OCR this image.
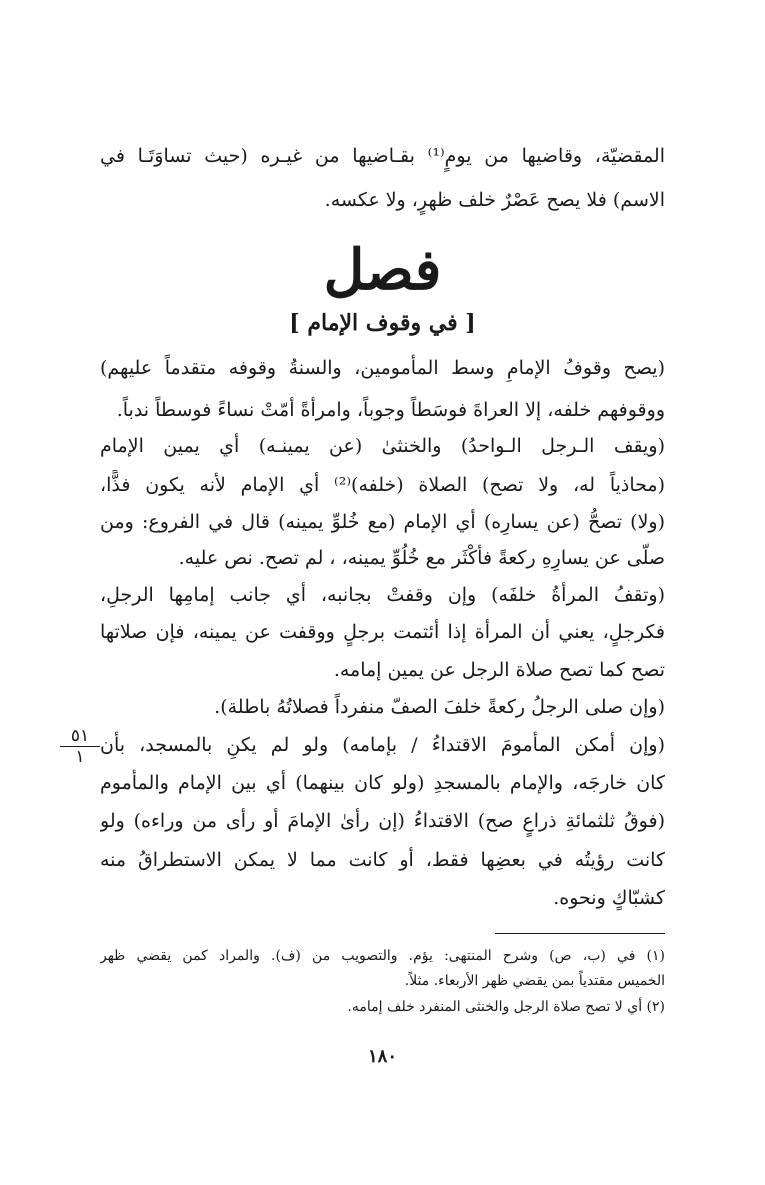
المقضيّة، وقاضيها من يومٍ⁽¹⁾ بقـاضيها من غيـره (حيث تساوَتَـا في
الاسم) فلا يصح عَصْرٌ خلف ظهرٍ، ولا عكسه.
فصل
[ في وقوف الإمام ]
(يصح وقوفُ الإمامِ وسط المأمومين، والسنةُ وقوفه متقدماً عليهم)
ووقوفهم خلفه، إلا العراةَ فوسَطاً وجوباً، وامرأةً أمّتْ نساءً فوسطاً ندباً.
(ويقف الـرجل الـواحدُ) والخنثىٰ (عن يمينـه) أي يمين الإمام
(محاذياً له، ولا تصح) الصلاة (خلفه)⁽²⁾ أي الإمام لأنه يكون فذًّا،
(ولا) تصحُّ (عن يسارِه) أي الإمام (مع خُلوِّ يمينه) قال في الفروع: ومن
صلّى عن يسارِهِ ركعةً فأكْثَر مع خُلُوِّ يمينه، ، لم تصح. نص عليه.
(وتقفُ المرأةُ خلفَه) وإن وقفتْ بجانبه، أي جانب إمامِها الرجلِ،
فكرجلٍ، يعني أن المرأة إذا أئتمت برجلٍ ووقفت عن يمينه، فإن صلاتها
تصح كما تصح صلاة الرجل عن يمين إمامه.
(وإن صلى الرجلُ ركعةً خلفَ الصفّ منفرداً فصلاتُهُ باطلة).
(وإن أمكن المأمومَ الاقتداءُ / بإمامه) ولو لم يكنِ بالمسجد، بأن
كان خارجَه، والإمام بالمسجدِ (ولو كان بينهما) أي بين الإمام والمأموم
(فوقُ ثلثمائةِ ذراعٍ صح) الاقتداءُ (إن رأىٰ الإمامَ أو رأى من وراءه) ولو
كانت رؤيتُه في بعضِها فقط، أو كانت مما لا يمكن الاستطراقُ منه
كشبّاكٍ ونحوه.
٥١
١
(١) في (ب، ص) وشرح المنتهى: يؤم. والتصويب من (ف). والمراد كمن يقضي ظهر
الخميس مقتدياً بمن يقضي ظهر الأربعاء. مثلاً.
(٢) أي لا تصح صلاة الرجل والخنثى المنفرد خلف إمامه.
١٨٠
